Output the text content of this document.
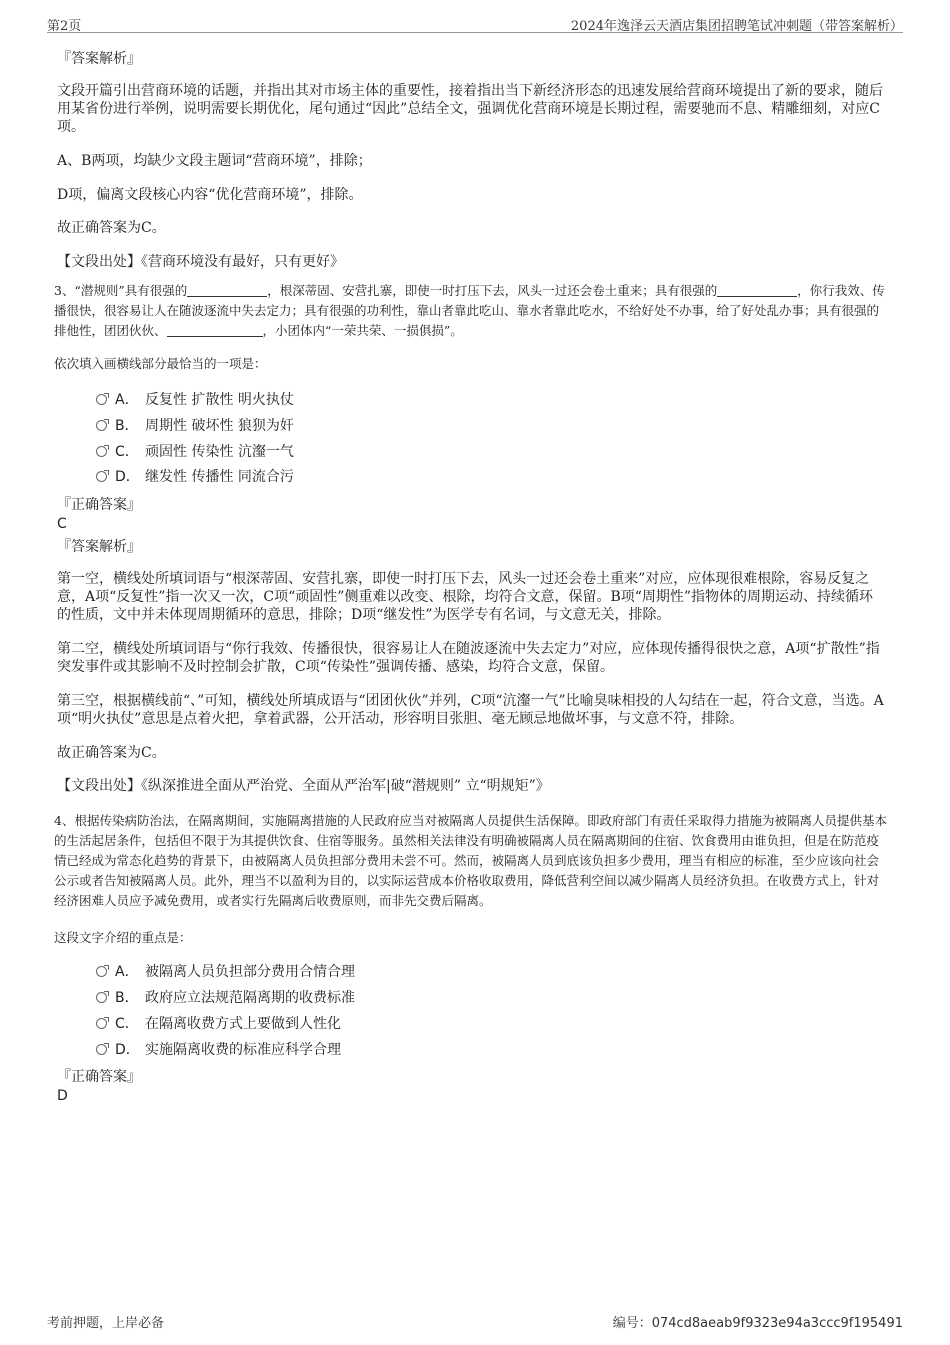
第2页	2024年逸泽云天酒店集团招聘笔试冲刺题（带答案解析）

『答案解析』

文段开篇引出营商环境的话题，并指出其对市场主体的重要性，接着指出当下新经济形态的迅速发展给营商环境提出了新的要求，随后用某省份进行举例，说明需要长期优化，尾句通过“因此”总结全文，强调优化营商环境是长期过程，需要驰而不息、精雕细刻，对应C项。

A、B两项，均缺少文段主题词“营商环境”，排除；

D项，偏离文段核心内容“优化营商环境”，排除。

故正确答案为C。

【文段出处】《营商环境没有最好，只有更好》

3、“潜规则”具有很强的	，根深蒂固、安营扎寨，即使一时打压下去，风头一过还会卷土重来；具有很强的	，你行我效、传播很快，很容易让人在随波逐流中失去定力；具有很强的功利性，靠山者靠此吃山、靠水者靠此吃水，不给好处不办事，给了好处乱办事；具有很强的排他性，团团伙伙、	，小团体内“一荣共荣、一损俱损”。

依次填入画横线部分最恰当的一项是：

A． 反复性 扩散性 明火执仗
B． 周期性 破坏性 狼狈为奸
C． 顽固性 传染性 沆瀣一气
D． 继发性 传播性 同流合污

『正确答案』

C

『答案解析』

第一空，横线处所填词语与“根深蒂固、安营扎寨，即使一时打压下去，风头一过还会卷土重来”对应，应体现很难根除，容易反复之意，A项“反复性”指一次又一次，C项“顽固性”侧重难以改变、根除，均符合文意，保留。B项“周期性”指物体的周期运动、持续循环的性质，文中并未体现周期循环的意思，排除；D项“继发性”为医学专有名词，与文意无关，排除。

第二空，横线处所填词语与“你行我效、传播很快，很容易让人在随波逐流中失去定力”对应，应体现传播得很快之意，A项“扩散性”指突发事件或其影响不及时控制会扩散，C项“传染性”强调传播、感染，均符合文意，保留。

第三空，根据横线前“、”可知，横线处所填成语与“团团伙伙”并列，C项“沆瀣一气”比喻臭味相投的人勾结在一起，符合文意，当选。A项“明火执仗”意思是点着火把，拿着武器，公开活动，形容明目张胆、毫无顾忌地做坏事，与文意不符，排除。

故正确答案为C。

【文段出处】《纵深推进全面从严治党、全面从严治军|破“潜规则” 立“明规矩”》

4、根据传染病防治法，在隔离期间，实施隔离措施的人民政府应当对被隔离人员提供生活保障。即政府部门有责任采取得力措施为被隔离人员提供基本的生活起居条件，包括但不限于为其提供饮食、住宿等服务。虽然相关法律没有明确被隔离人员在隔离期间的住宿、饮食费用由谁负担，但是在防范疫情已经成为常态化趋势的背景下，由被隔离人员负担部分费用未尝不可。然而，被隔离人员到底该负担多少费用，理当有相应的标准，至少应该向社会公示或者告知被隔离人员。此外，理当不以盈利为目的，以实际运营成本价格收取费用，降低营利空间以减少隔离人员经济负担。在收费方式上，针对经济困难人员应予减免费用，或者实行先隔离后收费原则，而非先交费后隔离。

这段文字介绍的重点是：

A． 被隔离人员负担部分费用合情合理
B． 政府应立法规范隔离期的收费标准
C． 在隔离收费方式上要做到人性化
D． 实施隔离收费的标准应科学合理

『正确答案』

D

考前押题，上岸必备	编号：074cd8aeab9f9323e94a3ccc9f195491
